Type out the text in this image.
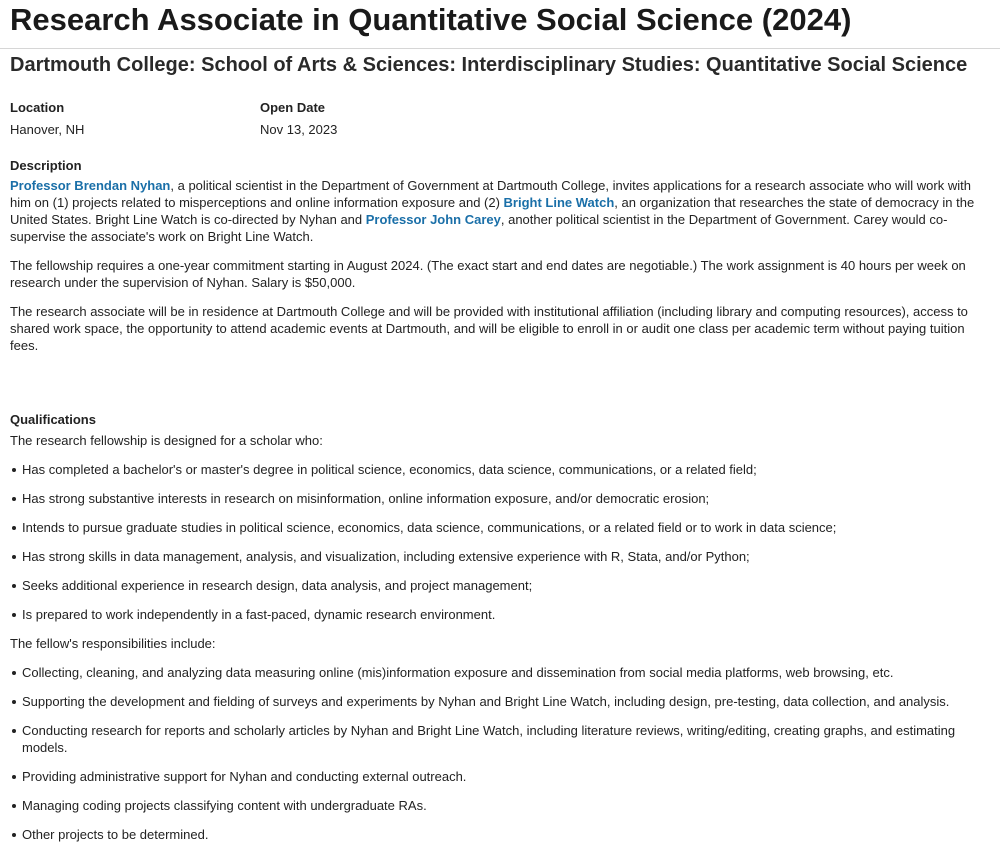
Research Associate in Quantitative Social Science (2024)
Dartmouth College: School of Arts & Sciences: Interdisciplinary Studies: Quantitative Social Science
Location
Hanover, NH
Open Date
Nov 13, 2023
Description

Professor Brendan Nyhan, a political scientist in the Department of Government at Dartmouth College, invites applications for a research associate who will work with him on (1) projects related to misperceptions and online information exposure and (2) Bright Line Watch, an organization that researches the state of democracy in the United States. Bright Line Watch is co-directed by Nyhan and Professor John Carey, another political scientist in the Department of Government. Carey would co-supervise the associate's work on Bright Line Watch.

The fellowship requires a one-year commitment starting in August 2024. (The exact start and end dates are negotiable.) The work assignment is 40 hours per week on research under the supervision of Nyhan. Salary is $50,000.

The research associate will be in residence at Dartmouth College and will be provided with institutional affiliation (including library and computing resources), access to shared work space, the opportunity to attend academic events at Dartmouth, and will be eligible to enroll in or audit one class per academic term without paying tuition fees.

Qualifications

The research fellowship is designed for a scholar who:

Has completed a bachelor's or master's degree in political science, economics, data science, communications, or a related field;
Has strong substantive interests in research on misinformation, online information exposure, and/or democratic erosion;
Intends to pursue graduate studies in political science, economics, data science, communications, or a related field or to work in data science;
Has strong skills in data management, analysis, and visualization, including extensive experience with R, Stata, and/or Python;
Seeks additional experience in research design, data analysis, and project management;
Is prepared to work independently in a fast-paced, dynamic research environment.

The fellow's responsibilities include:

Collecting, cleaning, and analyzing data measuring online (mis)information exposure and dissemination from social media platforms, web browsing, etc.
Supporting the development and fielding of surveys and experiments by Nyhan and Bright Line Watch, including design, pre-testing, data collection, and analysis.
Conducting research for reports and scholarly articles by Nyhan and Bright Line Watch, including literature reviews, writing/editing, creating graphs, and estimating models.
Providing administrative support for Nyhan and conducting external outreach.
Managing coding projects classifying content with undergraduate RAs.
Other projects to be determined.
